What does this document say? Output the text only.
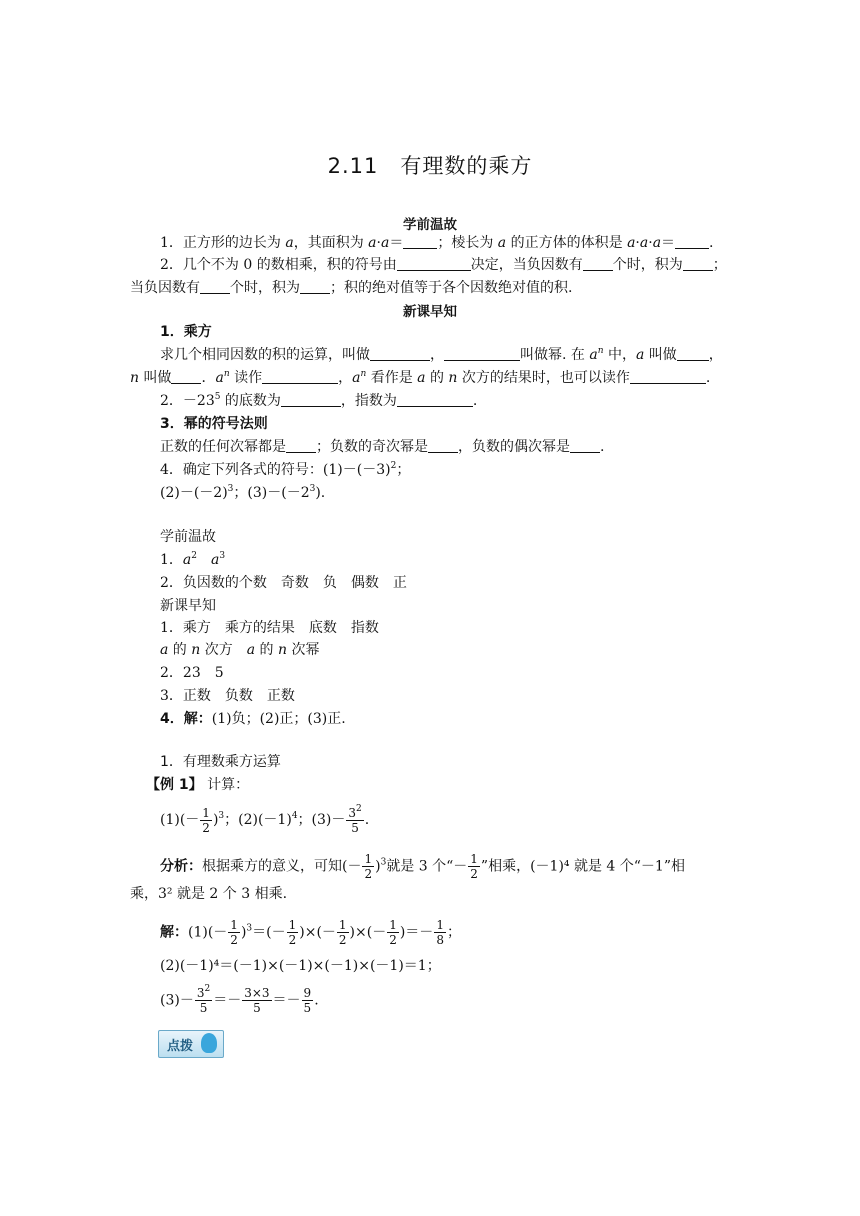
2.11　有理数的乘方
学前温故
1．正方形的边长为 a，其面积为 a·a＝ ；棱长为 a 的正方体的体积是 a·a·a＝ .
2．几个不为 0 的数相乘，积的符号由	决定，当负因数有 个时，积为 ；
当负因数有 个时，积为 ；积的绝对值等于各个因数绝对值的积.
新课早知
1．乘方
求几个相同因数的积的运算，叫做	，	叫做幂. 在 $a^n$ 中，a 叫做 ，
n 叫做 ．$a^n$ 读作	，$a^n$ 看作是 a 的 n 次方的结果时，也可以读作	.
2．$-23^5$ 的底数为	，指数为	.
3．幂的符号法则
正数的任何次幂都是 ；负数的奇次幂是 ，负数的偶次幂是 .
4．确定下列各式的符号：$(1)-(-3)^2$；
$(2)-(-2)^3$；$(3)-(-2^3)$.
学前温故
1．$a^2$　 $a^3$
2．负因数的个数　奇数　负　偶数　正
新课早知
1．乘方　乘方的结果　底数　指数
a 的 n 次方　a 的 n 次幂
2．23　5
3．正数　负数　正数
4．解：(1)负；(2)正；(3)正.
1．有理数乘方运算
【例 1】 计算：
$(1)(- \frac{1}{2} )^3$；$(2)(-1)^4$；$(3)- \frac{3^2}{5}$ .
分析：根据乘方的意义，可知(－ $\frac{1}{2} )^3$就是 3 个“－ $\frac{1}{2}$ ”相乘，(－1)⁴ 就是 4 个“－1”相
乘，3² 就是 2 个 3 相乘.
解：$(1)(- \frac{1}{2} )^3=(- \frac{1}{2}$ )×(－ $\frac{1}{2}$ )×(－ $\frac{1}{2}$ )＝－ $\frac{1}{8}$ ；
(2)(－1)⁴＝(－1)×(－1)×(－1)×(－1)＝1；
$(3)- \frac{3^2}{5} =- \frac{3\times 3}{5} =- \frac{9}{5}$ .
点拨
